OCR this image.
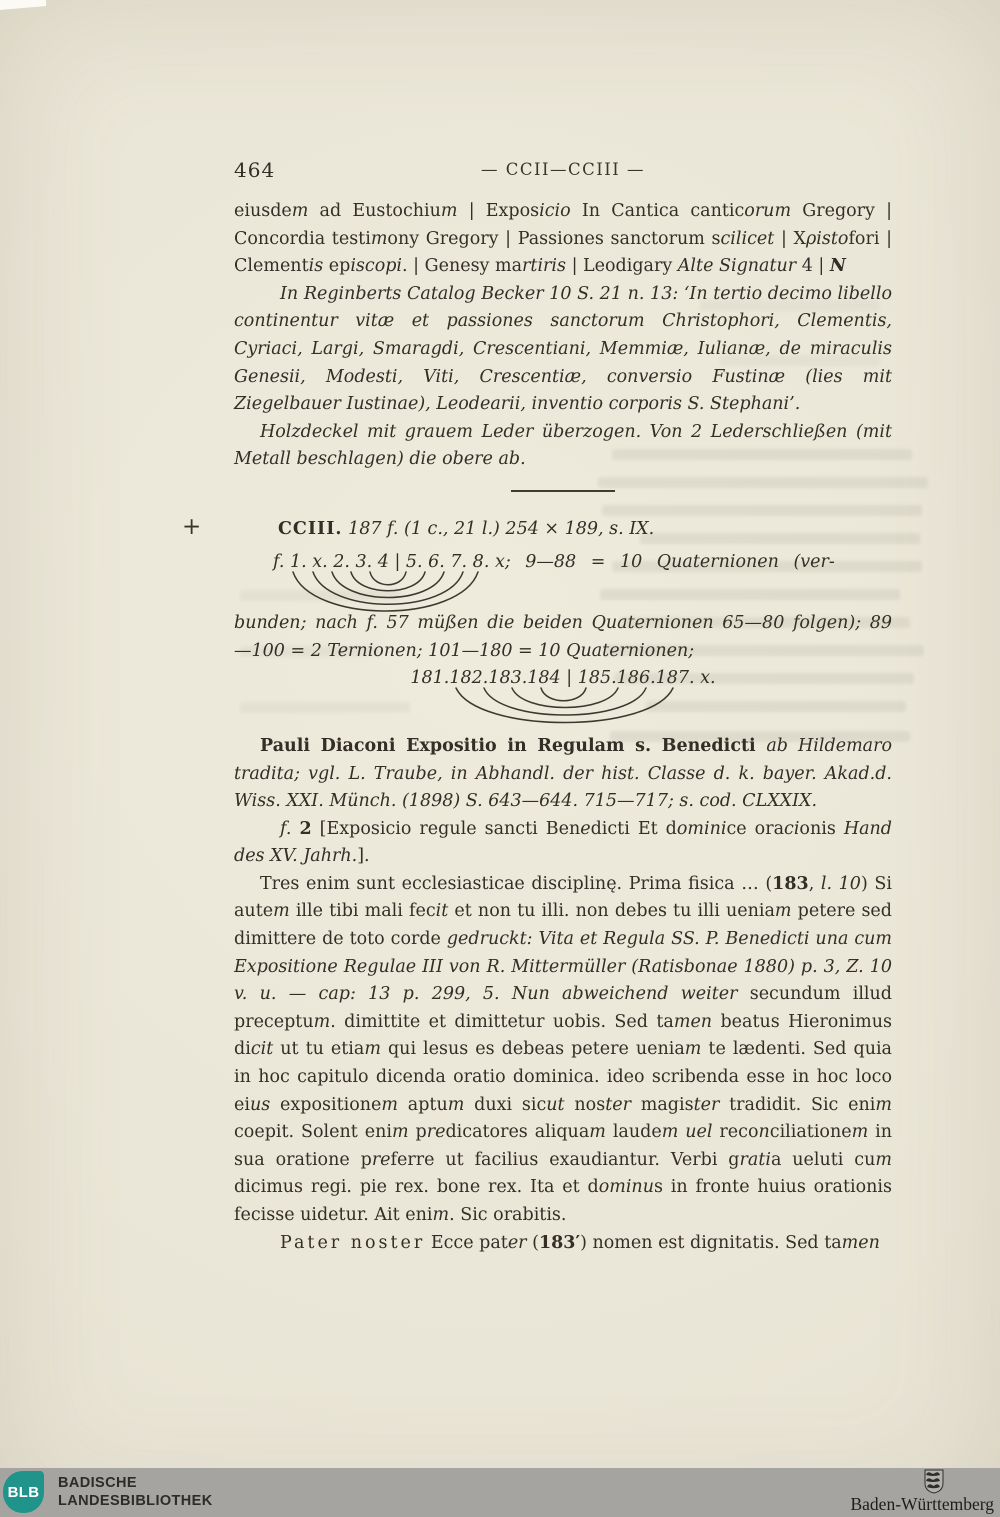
464	— CCII—CCIII —

eiusdem ad Eustochium | Exposicio In Cantica canticorum Gregory | Concordia testimony Gregory | Passiones sanctorum scilicet | Χρistofori | Clementis episcopi. | Genesy martiris | Leodigary Alte Signatur 4 | N

In Reginberts Catalog Becker 10 S. 21 n. 13: ‘In tertio decimo libello continentur vitæ et passiones sanctorum Christophori, Clementis, Cyriaci, Largi, Smaragdi, Crescentiani, Memmiæ, Iulianæ, de miraculis Genesii, Modesti, Viti, Crescentiæ, conversio Fustinæ (lies mit Ziegelbauer Iustinae), Leodearii, inventio corporis S. Stephani’.

Holzdeckel mit grauem Leder überzogen. Von 2 Lederschließen (mit Metall beschlagen) die obere ab.

+	CCIII. 187 f. (1 c., 21 l.) 254 × 189, s. IX.
f. 1. x. 2. 3. 4 | 5. 6. 7. 8. x; 9—88 = 10 Quaternionen (ver-

bunden; nach f. 57 müßen die beiden Quaternionen 65—80 folgen); 89

—100 = 2 Ternionen; 101—180 = 10 Quaternionen;

181.182.183.184 | 185.186.187. x.

Pauli Diaconi Expositio in Regulam s. Benedicti ab Hildemaro tradita; vgl. L. Traube, in Abhandl. der hist. Classe d. k. bayer. Akad.d. Wiss. XXI. Münch. (1898) S. 643—644. 715—717; s. cod. CLXXIX.

f. 2 [Exposicio regule sancti Benedicti Et dominice oracionis Hand des XV. Jahrh.].

Tres enim sunt ecclesiasticae disciplinę. Prima fisica … (183, l. 10) Si autem ille tibi mali fecit et non tu illi. non debes tu illi ueniam petere sed dimittere de toto corde gedruckt: Vita et Regula SS. P. Benedicti una cum Expositione Regulae III von R. Mittermüller (Ratisbonae 1880) p. 3, Z. 10 v. u. — cap: 13 p. 299, 5. Nun abweichend weiter secundum illud preceptum. dimittite et dimittetur uobis. Sed tamen beatus Hieronimus dicit ut tu etiam qui lesus es debeas petere ueniam te lædenti. Sed quia in hoc capitulo dicenda oratio dominica. ideo scribenda esse in hoc loco eius expositionem aptum duxi sicut noster magister tradidit. Sic enim coepit. Solent enim predicatores aliquam laudem uel reconciliationem in sua oratione preferre ut facilius exaudiantur. Verbi gratia ueluti cum dicimus regi. pie rex. bone rex. Ita et dominus in fronte huius orationis fecisse uidetur. Ait enim. Sic orabitis.

Pater noster Ecce pater (183′) nomen est dignitatis. Sed tamen

BLB
BADISCHE
LANDESBIBLIOTHEK	Baden-Württemberg
